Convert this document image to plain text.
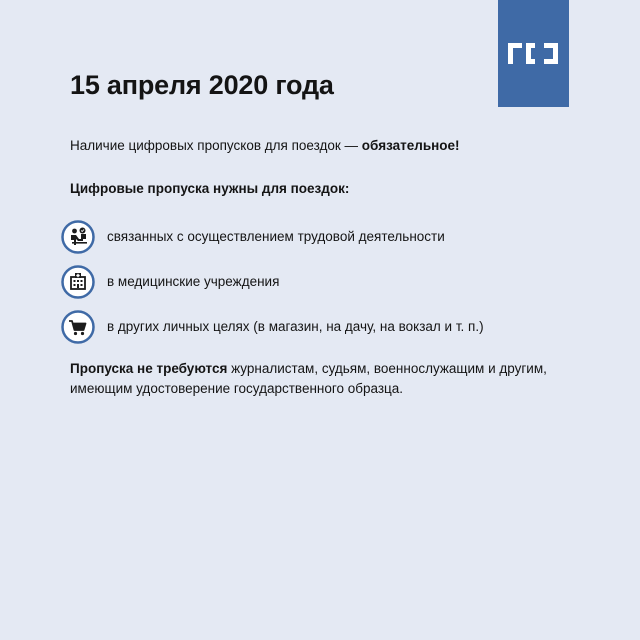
15 апреля 2020 года
Наличие цифровых пропусков для поездок — обязательное!
Цифровые пропуска нужны для поездок:
связанных с осуществлением трудовой деятельности
в медицинские учреждения
в других личных целях (в магазин, на дачу, на вокзал и т. п.)
Пропуска не требуются журналистам, судьям, военнослужащим и другим, имеющим удостоверение государственного образца.
